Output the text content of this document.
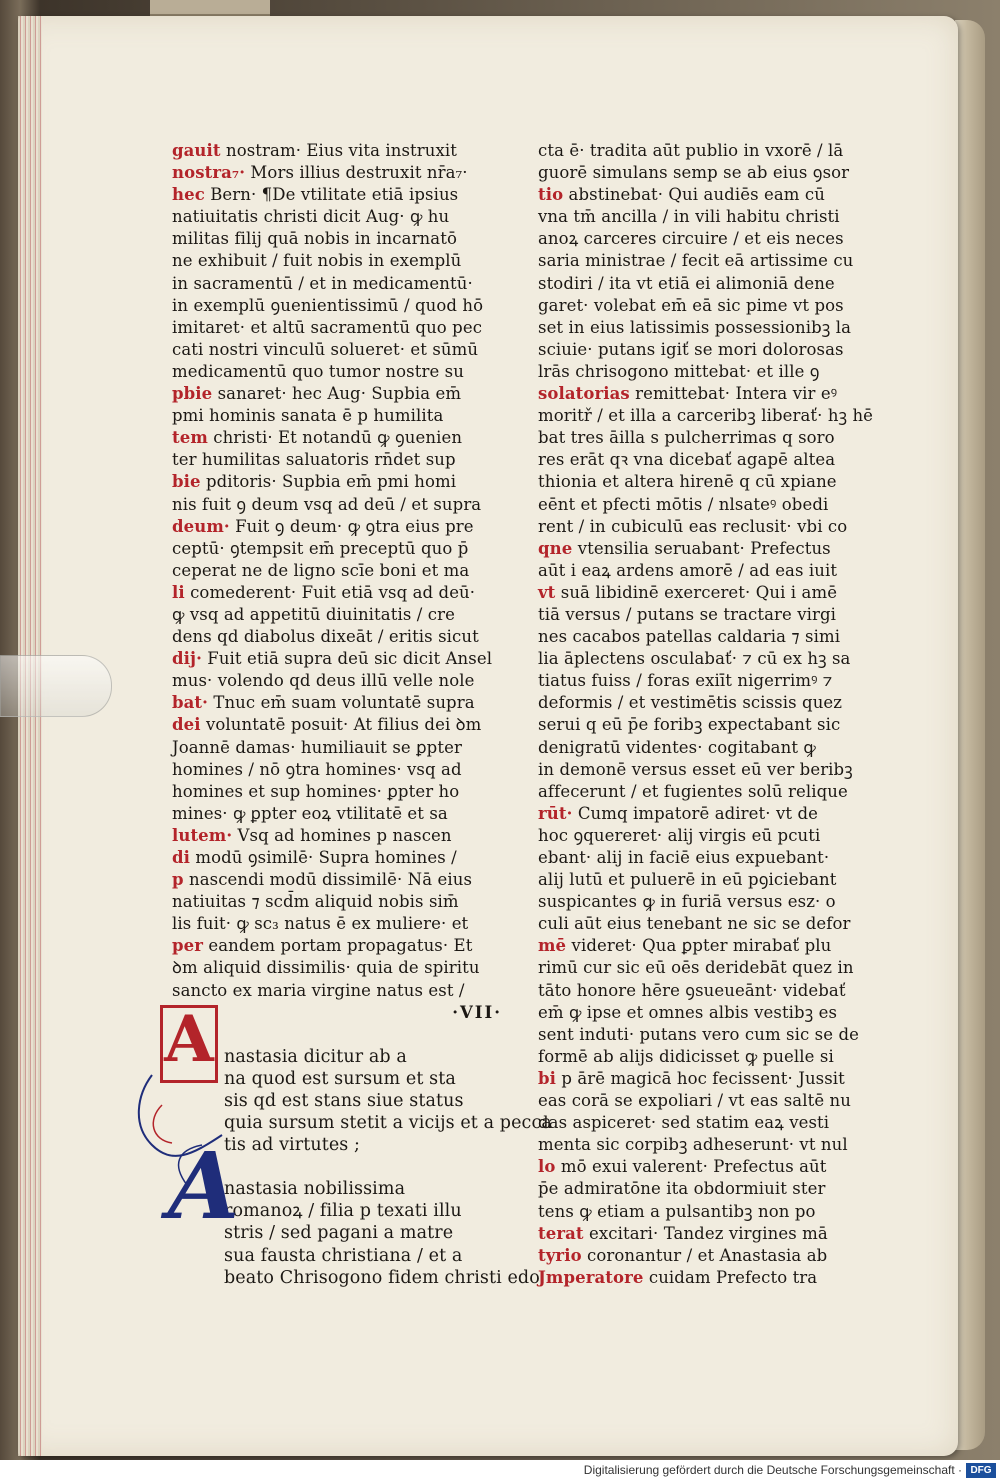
gauit nostram· Eius vita instruxit
nostra₇· Mors illius destruxit nr̄a₇·
hec Bern· ¶De vtilitate etiā ipsius
natiuitatis christi dicit Aug· ꝙ hu
militas filij quā nobis in incarnatō
ne exhibuit / fuit nobis in exemplū
in sacramentū / et in medicamentū·
in exemplū ꝯuenientissimū / quod hō
imitaret· et altū sacramentū quo pec
cati nostri vinculū solueret· et sūmū
medicamentū quo tumor nostre su
pbie sanaret· hec Aug· Supbia em̄
pmi hominis sanata ē p humilita
tem christi· Et notandū ꝙ ꝯuenien
ter humilitas saluatoris rn̄det sup
bie pditoris· Supbia em̄ pmi homi
nis fuit ꝯ deum vsq ad deū / et supra
deum· Fuit ꝯ deum· ꝙ ꝯtra eius pre
ceptū· ꝯtempsit em̄ preceptū quo p̄
ceperat ne de ligno scīe boni et ma
li comederent· Fuit etiā vsq ad deū·
ꝙ vsq ad appetitū diuinitatis / cre
dens qd diabolus dixeāt / eritis sicut
dij· Fuit etiā supra deū sic dicit Ansel
mus· volendo qd deus illū velle nole
bat· Tnuc em̄ suam voluntatē supra
dei voluntatē posuit· At filius dei ꝺm
Joannē damas· humiliauit se ꝑpter
homines / nō ꝯtra homines· vsq ad
homines et sup homines· ꝑpter ho
mines· ꝙ ꝑpter eoꝝ vtilitatē et sa
lutem· Vsq ad homines p nascen
di modū ꝯsimilē· Supra homines /
p nascendi modū dissimilē· Nā eius
natiuitas ⁊ scd̄m aliquid nobis sim̄
lis fuit· ꝙ sc₃ natus ē ex muliere· et
per eandem portam propagatus· Et
ꝺm aliquid dissimilis· quia de spiritu
sancto ex maria virgine natus est /
·VII·
nastasia dicitur ab a
na quod est sursum et sta
sis qd est stans siue status
quia sursum stetit a vicijs et a pecca
tis ad virtutes ;
nastasia nobilissima
romanoꝝ / filia p texati illu
stris / sed pagani a matre
sua fausta christiana / et a
beato Chrisogono fidem christi edo
cta ē· tradita aūt publio in vxorē / lā
guorē simulans semp se ab eius ꝯsor
tio abstinebat· Qui audiēs eam cū
vna tm̄ ancilla / in vili habitu christi
anoꝝ carceres circuire / et eis neces
saria ministrae / fecit eā artissime cu
stodiri / ita vt etiā ei alimoniā dene
garet· volebat em̄ eā sic pime vt pos
set in eius latissimis possessionibꝫ la
sciuie· putans igiť se mori dolorosas
lrās chrisogono mittebat· et ille ꝯ
solatorias remittebat· Intera vir eꝰ
moritř / et illa a carceribꝫ liberať· hꝫ hē
bat tres āilla s pulcherrimas q soro
res erāt qꝛ vna dicebať agapē altea
thionia et altera hirenē q cū xpiane
eēnt et pfecti mōtis / nlsateꝰ obedi
rent / in cubiculū eas reclusit· vbi co
qne vtensilia seruabant· Prefectus
aūt i eaꝝ ardens amorē / ad eas iuit
vt suā libidinē exerceret· Qui i amē
tiā versus / putans se tractare virgi
nes cacabos patellas caldaria ⁊ simi
lia āplectens osculabať· ⁊ cū ex hꝫ sa
tiatus fuiss / foras exiīt nigerrimꝰ ⁊
deformis / et vestimētis scissis quez
serui q eū p̄e foribꝫ expectabant sic
denigratū videntes· cogitabant ꝙ
in demonē versus esset eū ver beribꝫ
affecerunt / et fugientes solū relique
rūt· Cumq impatorē adiret· vt de
hoc ꝯquereret· alij virgis eū pcuti
ebant· alij in faciē eius expuebant·
alij lutū et puluerē in eū pꝯiciebant
suspicantes ꝙ in furiā versus esz· o
culi aūt eius tenebant ne sic se defor
mē videret· Qua ꝑpter mirabať plu
rimū cur sic eū oēs deridebāt quez in
tāto honore hēre ꝯsueueānt· videbať
em̄ ꝙ ipse et omnes albis vestibꝫ es
sent induti· putans vero cum sic se de
formē ab alijs didicisset ꝙ puelle si
bi p ārē magicā hoc fecissent· Jussit
eas corā se expoliari / vt eas saltē nu
das aspiceret· sed statim eaꝝ vesti
menta sic corpibꝫ adheserunt· vt nul
lo mō exui valerent· Prefectus aūt
p̄e admiratōne ita obdormiuit ster
tens ꝙ etiam a pulsantibꝫ non po
terat excitari· Tandez virgines mā
tyrio coronantur / et Anastasia ab
Jmperatore cuidam Prefecto tra
A
A
Digitalisierung gefördert durch die Deutsche Forschungsgemeinschaft · DFG
